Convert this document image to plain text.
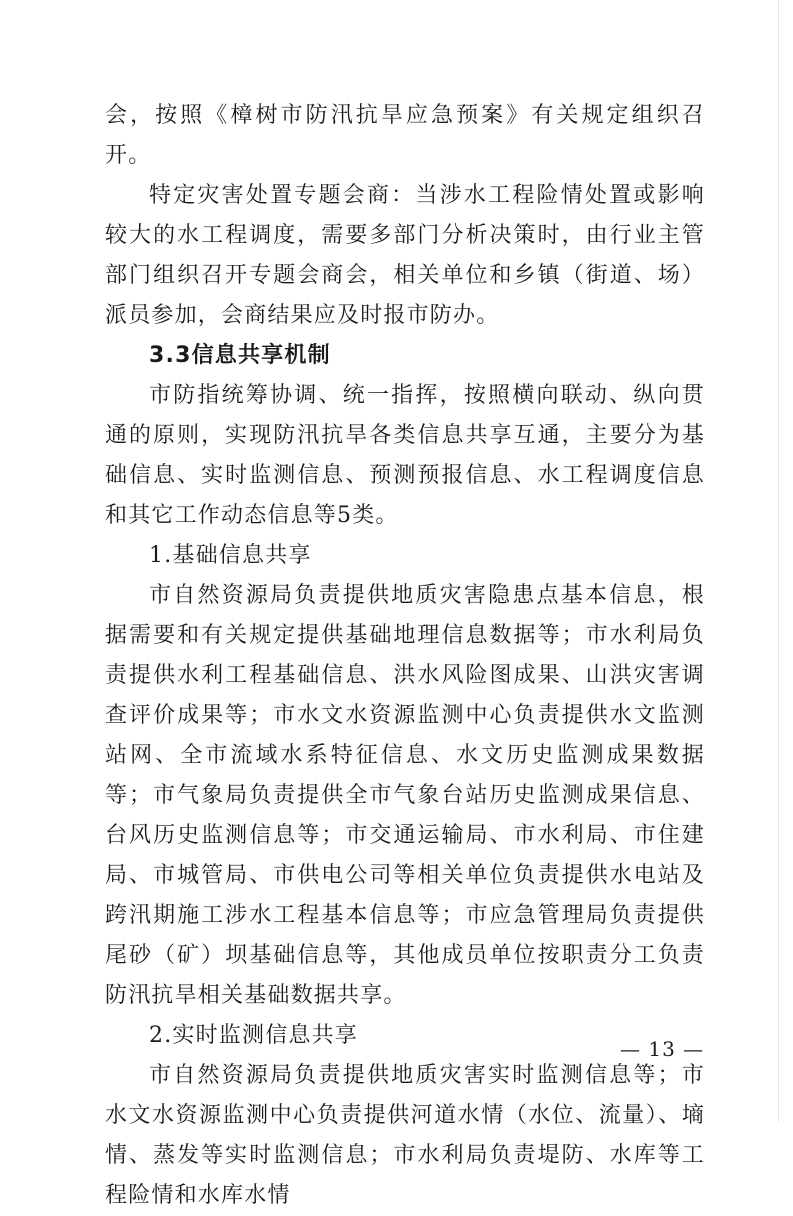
会，按照《樟树市防汛抗旱应急预案》有关规定组织召开。

特定灾害处置专题会商：当涉水工程险情处置或影响较大的水工程调度，需要多部门分析决策时，由行业主管部门组织召开专题会商会，相关单位和乡镇（街道、场）派员参加，会商结果应及时报市防办。

3.3信息共享机制

市防指统筹协调、统一指挥，按照横向联动、纵向贯通的原则，实现防汛抗旱各类信息共享互通，主要分为基础信息、实时监测信息、预测预报信息、水工程调度信息和其它工作动态信息等5类。

1.基础信息共享

市自然资源局负责提供地质灾害隐患点基本信息，根据需要和有关规定提供基础地理信息数据等；市水利局负责提供水利工程基础信息、洪水风险图成果、山洪灾害调查评价成果等；市水文水资源监测中心负责提供水文监测站网、全市流域水系特征信息、水文历史监测成果数据等；市气象局负责提供全市气象台站历史监测成果信息、台风历史监测信息等；市交通运输局、市水利局、市住建局、市城管局、市供电公司等相关单位负责提供水电站及跨汛期施工涉水工程基本信息等；市应急管理局负责提供尾砂（矿）坝基础信息等，其他成员单位按职责分工负责防汛抗旱相关基础数据共享。

2.实时监测信息共享

市自然资源局负责提供地质灾害实时监测信息等；市水文水资源监测中心负责提供河道水情（水位、流量）、墒情、蒸发等实时监测信息；市水利局负责堤防、水库等工程险情和水库水情

— 13 —
